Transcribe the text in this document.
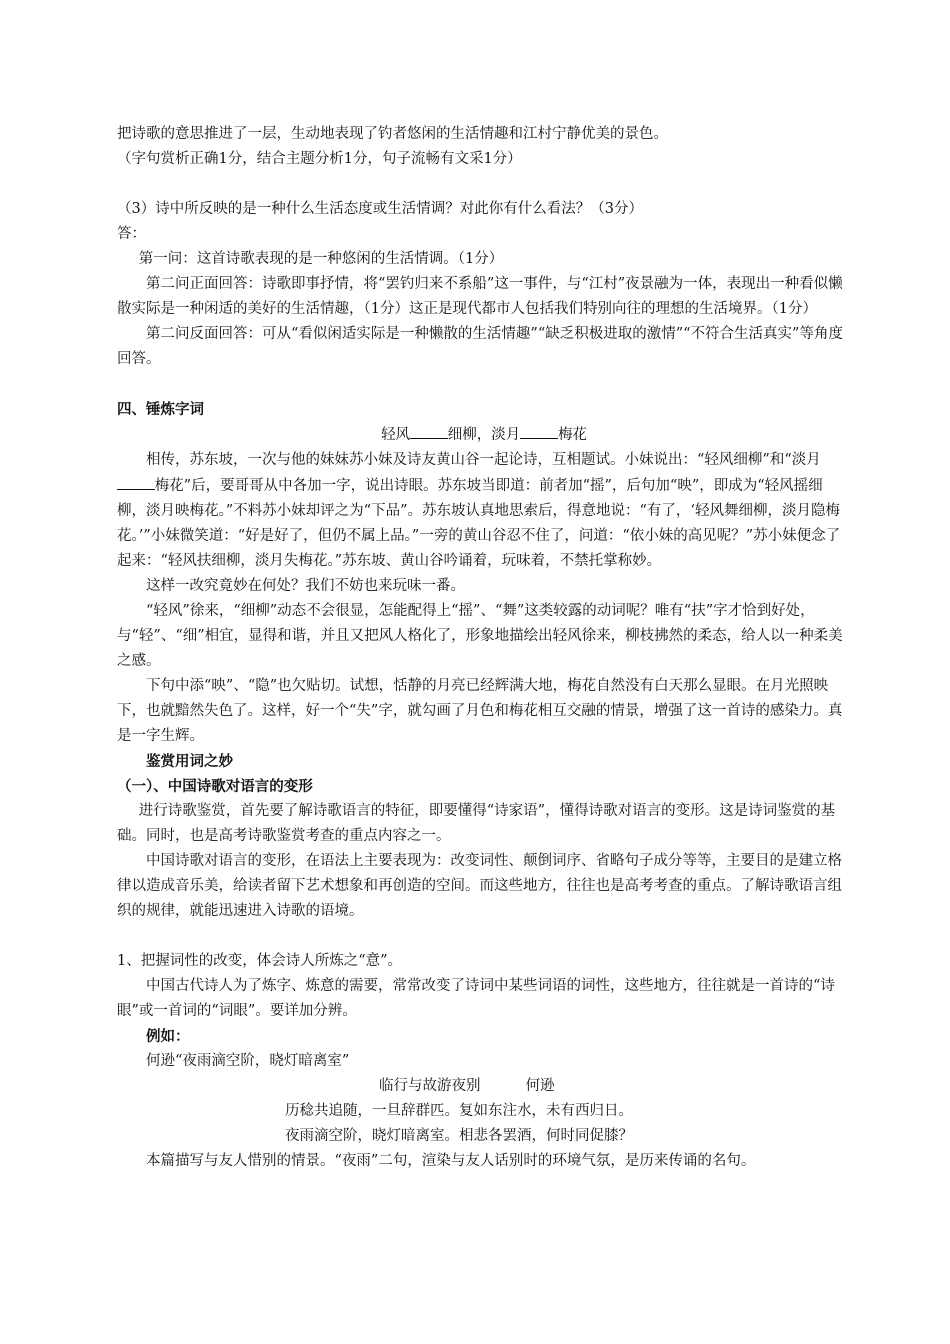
把诗歌的意思推进了一层，生动地表现了钓者悠闲的生活情趣和江村宁静优美的景色。

（字句赏析正确1分，结合主题分析1分，句子流畅有文采1分）

（3）诗中所反映的是一种什么生活态度或生活情调？对此你有什么看法？（3分）

答：

第一问：这首诗歌表现的是一种悠闲的生活情调。（1分）

第二问正面回答：诗歌即事抒情，将“罢钓归来不系船”这一事件，与“江村”夜景融为一体，表现出一种看似懒散实际是一种闲适的美好的生活情趣，（1分）这正是现代都市人包括我们特别向往的理想的生活境界。（1分）

第二问反面回答：可从“看似闲适实际是一种懒散的生活情趣”“缺乏积极进取的激情”“不符合生活真实”等角度回答。

四、锤炼字词

轻风	细柳，淡月	梅花

相传，苏东坡，一次与他的妹妹苏小妹及诗友黄山谷一起论诗，互相题试。小妹说出：“轻风细柳”和“淡月梅花”后，要哥哥从中各加一字，说出诗眼。苏东坡当即道：前者加“摇”，后句加“映”，即成为“轻风摇细柳，淡月映梅花。”不料苏小妹却评之为“下品”。苏东坡认真地思索后，得意地说：“有了，‘轻风舞细柳，淡月隐梅花。’”小妹微笑道：“好是好了，但仍不属上品。”一旁的黄山谷忍不住了，问道：“依小妹的高见呢？”苏小妹便念了起来：“轻风扶细柳，淡月失梅花。”苏东坡、黄山谷吟诵着，玩味着，不禁托掌称妙。

这样一改究竟妙在何处？我们不妨也来玩味一番。

“轻风”徐来，“细柳”动态不会很显，怎能配得上“摇”、“舞”这类较露的动词呢？唯有“扶”字才恰到好处，与“轻”、“细”相宜，显得和谐，并且又把风人格化了，形象地描绘出轻风徐来，柳枝拂然的柔态，给人以一种柔美之感。

下句中添“映”、“隐”也欠贴切。试想，恬静的月亮已经辉满大地，梅花自然没有白天那么显眼。在月光照映下，也就黯然失色了。这样，好一个“失”字，就勾画了月色和梅花相互交融的情景，增强了这一首诗的感染力。真是一字生辉。

鉴赏用词之妙

（一）、中国诗歌对语言的变形

进行诗歌鉴赏，首先要了解诗歌语言的特征，即要懂得“诗家语”，懂得诗歌对语言的变形。这是诗词鉴赏的基础。同时，也是高考诗歌鉴赏考查的重点内容之一。

中国诗歌对语言的变形，在语法上主要表现为：改变词性、颠倒词序、省略句子成分等等，主要目的是建立格律以造成音乐美，给读者留下艺术想象和再创造的空间。而这些地方，往往也是高考考查的重点。了解诗歌语言组织的规律，就能迅速进入诗歌的语境。

1、把握词性的改变，体会诗人所炼之“意”。

中国古代诗人为了炼字、炼意的需要，常常改变了诗词中某些词语的词性，这些地方，往往就是一首诗的“诗眼”或一首词的“词眼”。要详加分辨。

例如：

何逊“夜雨滴空阶，晓灯暗离室”

临行与故游夜别	何逊

历稔共追随，一旦辞群匹。复如东注水，未有西归日。

夜雨滴空阶，晓灯暗离室。相悲各罢酒，何时同促膝？

本篇描写与友人惜别的情景。“夜雨”二句，渲染与友人话别时的环境气氛，是历来传诵的名句。
